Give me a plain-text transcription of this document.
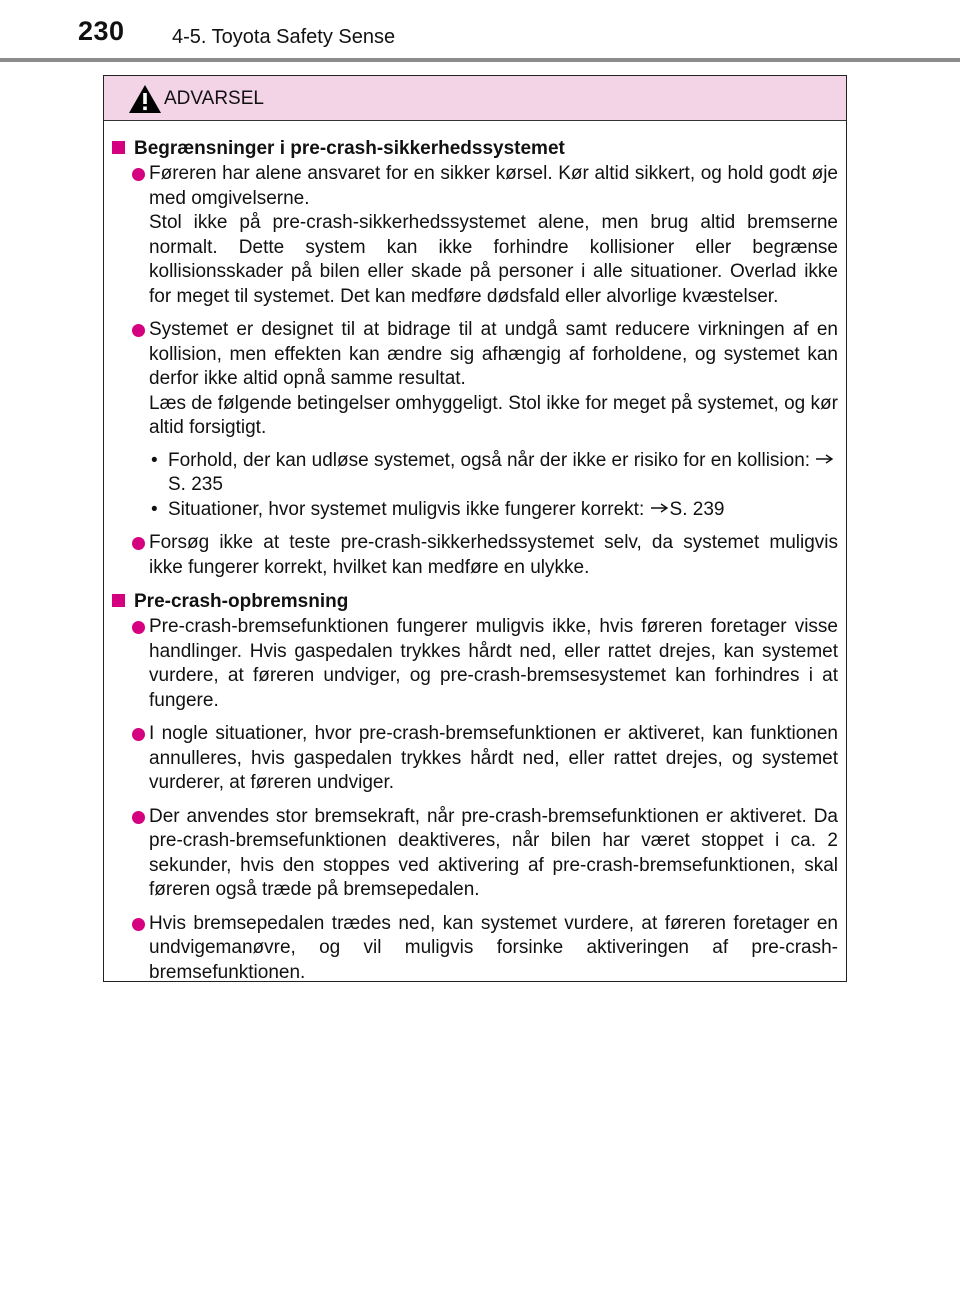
230 4-5. Toyota Safety Sense
ADVARSEL
Begrænsninger i pre-crash-sikkerhedssystemet

Føreren har alene ansvaret for en sikker kørsel. Kør altid sikkert, og hold godt øje med omgivelserne.

Stol ikke på pre-crash-sikkerhedssystemet alene, men brug altid bremserne normalt. Dette system kan ikke forhindre kollisioner eller begrænse kollisionsskader på bilen eller skade på personer i alle situationer. Overlad ikke for meget til systemet. Det kan medføre dødsfald eller alvorlige kvæstelser.

Systemet er designet til at bidrage til at undgå samt reducere virkningen af en kollision, men effekten kan ændre sig afhængig af forholdene, og systemet kan derfor ikke altid opnå samme resultat.

Læs de følgende betingelser omhyggeligt. Stol ikke for meget på systemet, og kør altid forsigtigt.

• Forhold, der kan udløse systemet, også når der ikke er risiko for en kollision: S. 235
• Situationer, hvor systemet muligvis ikke fungerer korrekt: S. 239

Forsøg ikke at teste pre-crash-sikkerhedssystemet selv, da systemet muligvis ikke fungerer korrekt, hvilket kan medføre en ulykke.

Pre-crash-opbremsning

Pre-crash-bremsefunktionen fungerer muligvis ikke, hvis føreren foretager visse handlinger. Hvis gaspedalen trykkes hårdt ned, eller rattet drejes, kan systemet vurdere, at føreren undviger, og pre-crash-bremsesystemet kan forhindres i at fungere.

I nogle situationer, hvor pre-crash-bremsefunktionen er aktiveret, kan funktionen annulleres, hvis gaspedalen trykkes hårdt ned, eller rattet drejes, og systemet vurderer, at føreren undviger.

Der anvendes stor bremsekraft, når pre-crash-bremsefunktionen er aktiveret. Da pre-crash-bremsefunktionen deaktiveres, når bilen har været stoppet i ca. 2 sekunder, hvis den stoppes ved aktivering af pre-crash-bremsefunktionen, skal føreren også træde på bremsepedalen.

Hvis bremsepedalen trædes ned, kan systemet vurdere, at føreren foretager en undvigemanøvre, og vil muligvis forsinke aktiveringen af pre-crash-bremsefunktionen.
